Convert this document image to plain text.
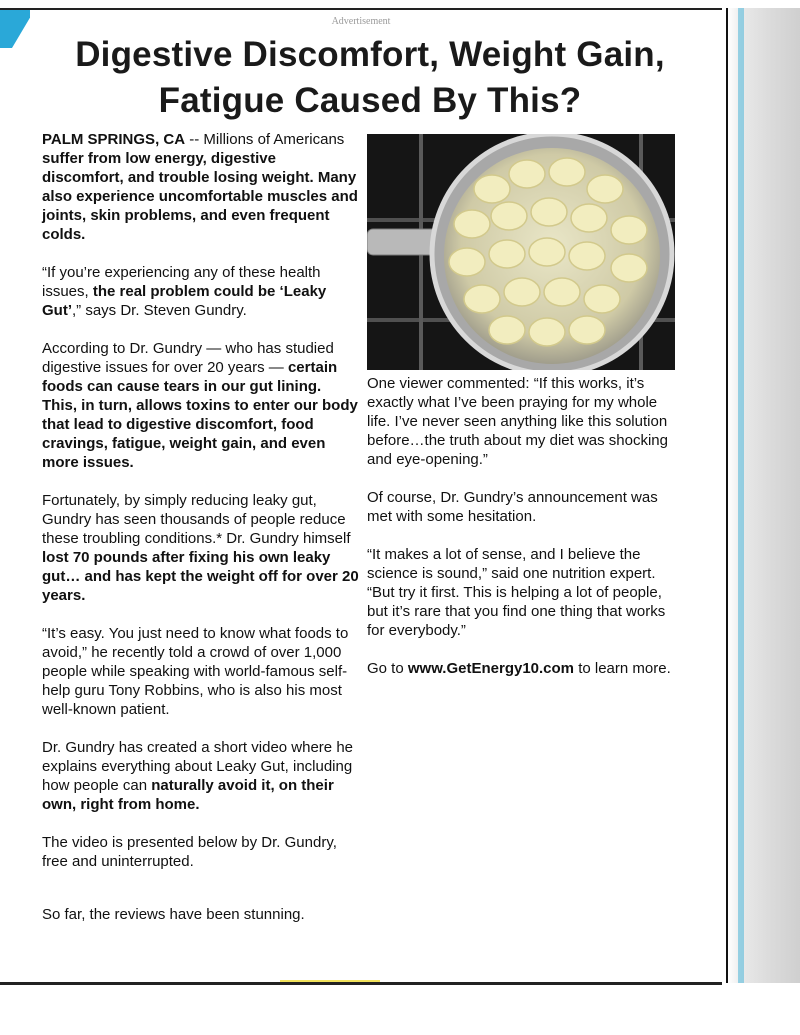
Advertisement
Digestive Discomfort, Weight Gain, Fatigue Caused By This?

PALM SPRINGS, CA -- Millions of Americans suffer from low energy, digestive discomfort, and trouble losing weight. Many also experience uncomfortable muscles and joints, skin problems, and even frequent colds.

“If you’re experiencing any of these health issues, the real problem could be ‘Leaky Gut’,” says Dr. Steven Gundry.

According to Dr. Gundry — who has studied digestive issues for over 20 years — certain foods can cause tears in our gut lining. This, in turn, allows toxins to enter our body that lead to digestive discomfort, food cravings, fatigue, weight gain, and even more issues.

Fortunately, by simply reducing leaky gut, Gundry has seen thousands of people reduce these troubling conditions.* Dr. Gundry himself lost 70 pounds after fixing his own leaky gut… and has kept the weight off for over 20 years.

“It’s easy. You just need to know what foods to avoid,” he recently told a crowd of over 1,000 people while speaking with world-famous self-help guru Tony Robbins, who is also his most well-known patient.

Dr. Gundry has created a short video where he explains everything about Leaky Gut, including how people can naturally avoid it, on their own, right from home.

The video is presented below by Dr. Gundry, free and uninterrupted.

So far, the reviews have been stunning.

One viewer commented: “If this works, it’s exactly what I’ve been praying for my whole life. I’ve never seen anything like this solution before…the truth about my diet was shocking and eye-opening.”

Of course, Dr. Gundry’s announcement was met with some hesitation.

“It makes a lot of sense, and I believe the science is sound,” said one nutrition expert. “But try it first. This is helping a lot of people, but it’s rare that you find one thing that works for everybody.”

Go to www.GetEnergy10.com to learn more.
